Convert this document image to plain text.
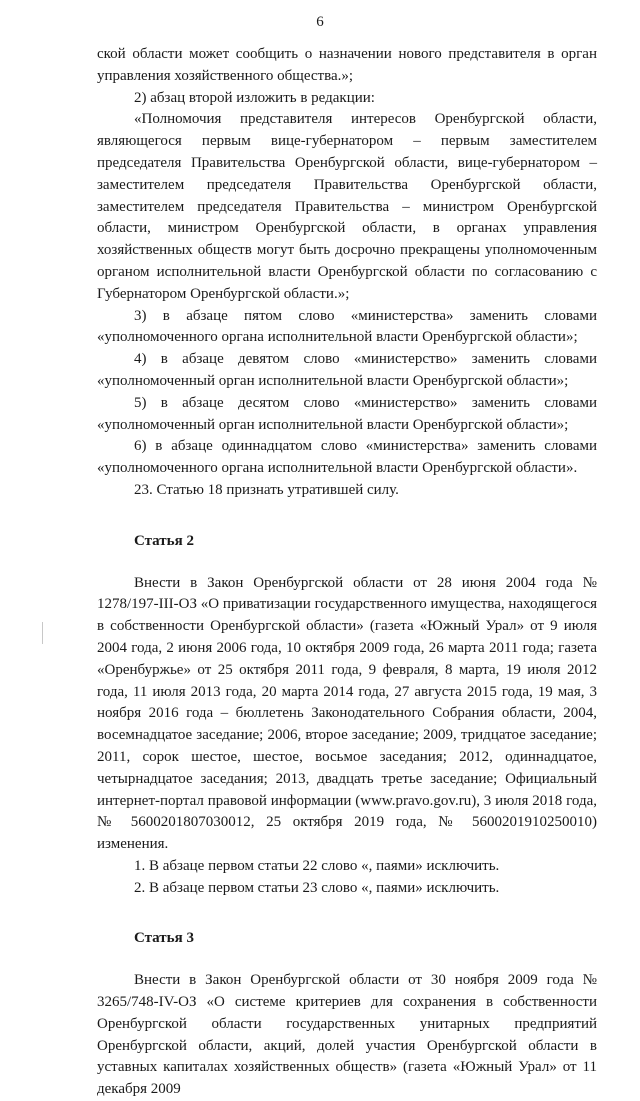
6

ской области может сообщить о назначении нового представителя в орган управления хозяйственного общества.»;

2) абзац второй изложить в редакции:

«Полномочия представителя интересов Оренбургской области, являющегося первым вице-губернатором – первым заместителем председателя Правительства Оренбургской области, вице-губернатором – заместителем председателя Правительства Оренбургской области, заместителем председателя Правительства – министром Оренбургской области, министром Оренбургской области, в органах управления хозяйственных обществ могут быть досрочно прекращены уполномоченным органом исполнительной власти Оренбургской области по согласованию с Губернатором Оренбургской области.»;

3) в абзаце пятом слово «министерства» заменить словами «уполномоченного органа исполнительной власти Оренбургской области»;

4) в абзаце девятом слово «министерство» заменить словами «уполномоченный орган исполнительной власти Оренбургской области»;

5) в абзаце десятом слово «министерство» заменить словами «уполномоченный орган исполнительной власти Оренбургской области»;

6) в абзаце одиннадцатом слово «министерства» заменить словами «уполномоченного органа исполнительной власти Оренбургской области».

23. Статью 18 признать утратившей силу.

Статья 2

Внести в Закон Оренбургской области от 28 июня 2004 года № 1278/197-III-ОЗ «О приватизации государственного имущества, находящегося в собственности Оренбургской области» (газета «Южный Урал» от 9 июля 2004 года, 2 июня 2006 года, 10 октября 2009 года, 26 марта 2011 года; газета «Оренбуржье» от 25 октября 2011 года, 9 февраля, 8 марта, 19 июля 2012 года, 11 июля 2013 года, 20 марта 2014 года, 27 августа 2015 года, 19 мая, 3 ноября 2016 года – бюллетень Законодательного Собрания области, 2004, восемнадцатое заседание; 2006, второе заседание; 2009, тридцатое заседание; 2011, сорок шестое, шестое, восьмое заседания; 2012, одиннадцатое, четырнадцатое заседания; 2013, двадцать третье заседание; Официальный интернет-портал правовой информации (www.pravo.gov.ru), 3 июля 2018 года, № 5600201807030012, 25 октября 2019 года, № 5600201910250010) изменения.

1. В абзаце первом статьи 22 слово «, паями» исключить.

2. В абзаце первом статьи 23 слово «, паями» исключить.

Статья 3

Внести в Закон Оренбургской области от 30 ноября 2009 года № 3265/748-IV-ОЗ «О системе критериев для сохранения в собственности Оренбургской области государственных унитарных предприятий Оренбургской области, акций, долей участия Оренбургской области в уставных капиталах хозяйственных обществ» (газета «Южный Урал» от 11 декабря 2009
